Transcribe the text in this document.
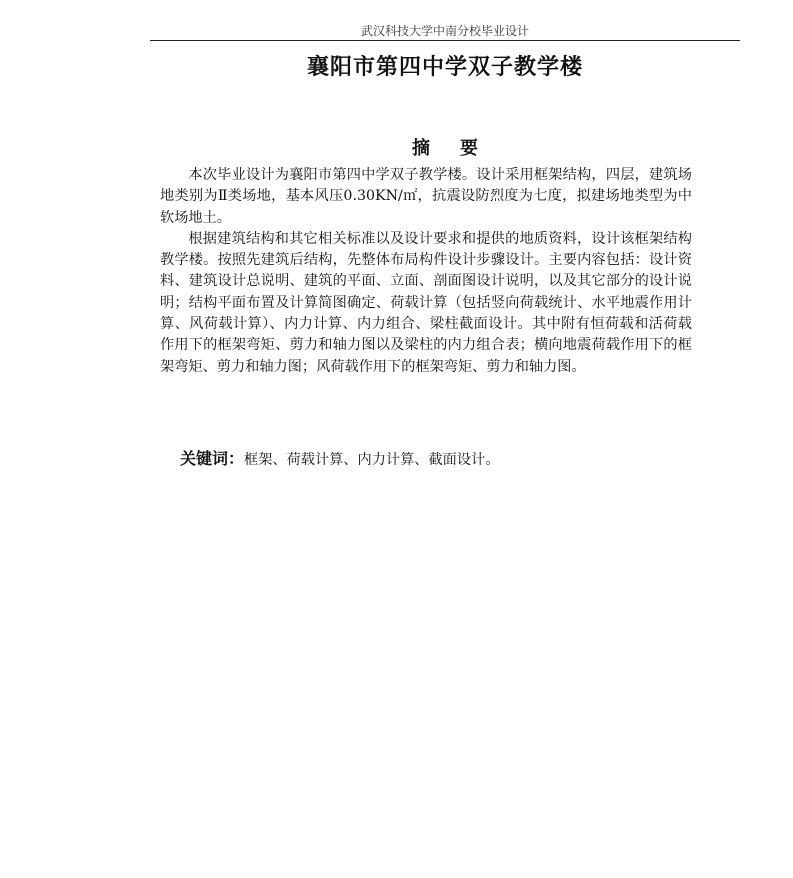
武汉科技大学中南分校毕业设计
襄阳市第四中学双子教学楼
摘 要

本次毕业设计为襄阳市第四中学双子教学楼。设计采用框架结构，四层，建筑场地类别为Ⅱ类场地，基本风压0.30KN/㎡，抗震设防烈度为七度，拟建场地类型为中软场地土。

根据建筑结构和其它相关标准以及设计要求和提供的地质资料，设计该框架结构教学楼。按照先建筑后结构，先整体布局构件设计步骤设计。主要内容包括：设计资料、建筑设计总说明、建筑的平面、立面、剖面图设计说明，以及其它部分的设计说明；结构平面布置及计算简图确定、荷载计算（包括竖向荷载统计、水平地震作用计算、风荷载计算）、内力计算、内力组合、梁柱截面设计。其中附有恒荷载和活荷载作用下的框架弯矩、剪力和轴力图以及梁柱的内力组合表；横向地震荷载作用下的框架弯矩、剪力和轴力图；风荷载作用下的框架弯矩、剪力和轴力图。

关键词：框架、荷载计算、内力计算、截面设计。
